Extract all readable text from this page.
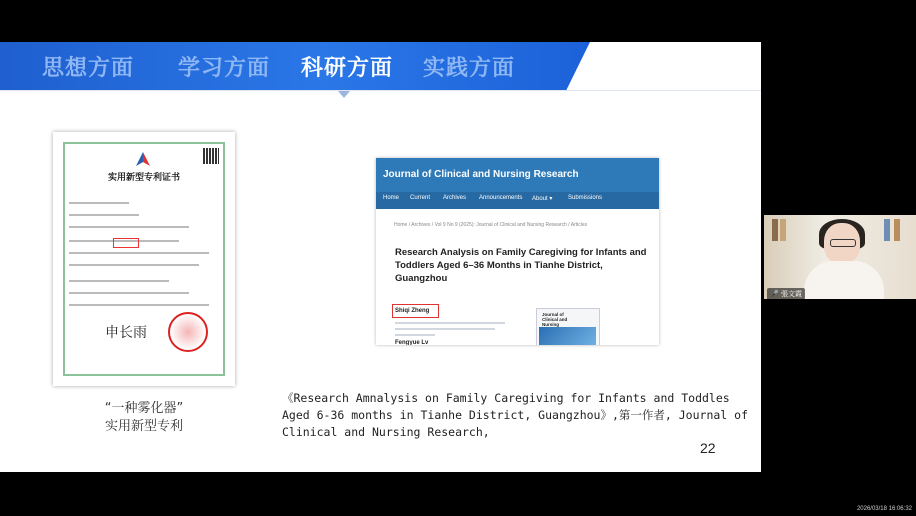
思想方面 学习方面 科研方面 实践方面
实用新型专利证书
申长雨
“一种雾化器”
实用新型专利
Journal of Clinical and Nursing Research
Home Current Archives Announcements About ▾	Submissions
Home / Archives / Vol 9 No 9 (2025): Journal of Clinical and Nursing Research / Articles
Research Analysis on Family Caregiving for Infants and Toddlers Aged 6–36 Months in Tianhe District, Guangzhou
Shiqi Zheng
Fengyue Lv
Journal of Clinical and Nursing
《Research Amnalysis on Family Caregiving for Infants and Toddles Aged 6-36 months in Tianhe District, Guangzhou》,第一作者, Journal of Clinical and Nursing Research,
22
🎤 張文霞
2026/03/18 16:06:32
